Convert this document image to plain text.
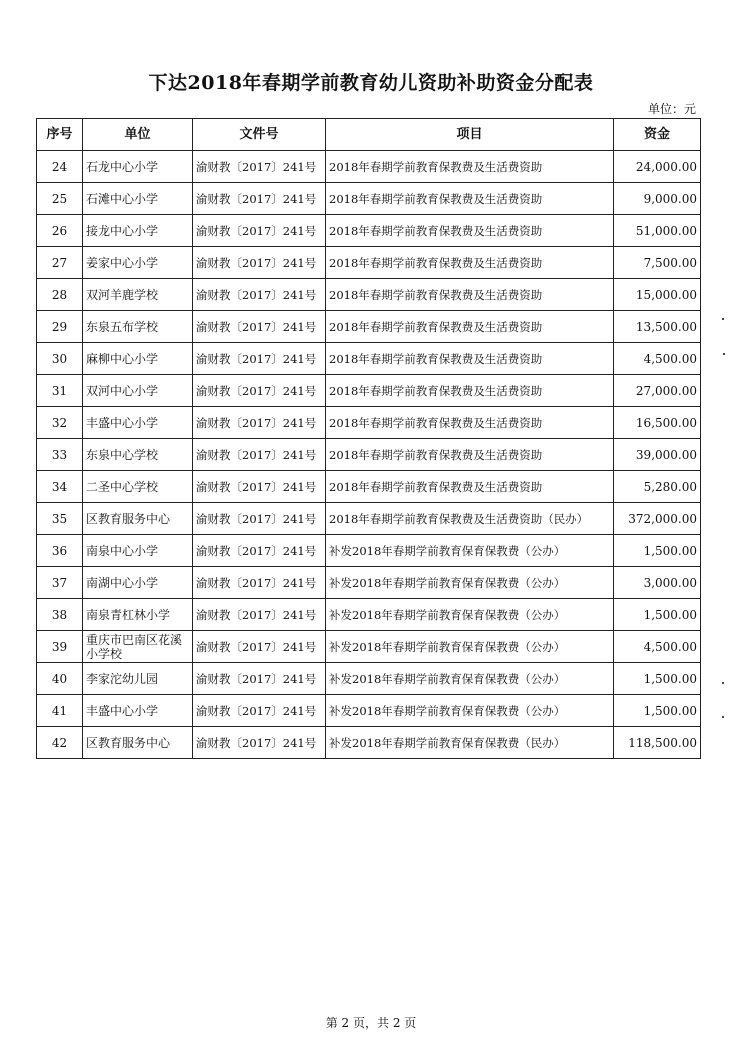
下达2018年春期学前教育幼儿资助补助资金分配表
单位：元
序号	单位	文件号	项目	资金
24	石龙中心小学	渝财教〔2017〕241号	2018年春期学前教育保教费及生活费资助	24,000.00
25	石滩中心小学	渝财教〔2017〕241号	2018年春期学前教育保教费及生活费资助	9,000.00
26	接龙中心小学	渝财教〔2017〕241号	2018年春期学前教育保教费及生活费资助	51,000.00
27	姜家中心小学	渝财教〔2017〕241号	2018年春期学前教育保教费及生活费资助	7,500.00
28	双河羊鹿学校	渝财教〔2017〕241号	2018年春期学前教育保教费及生活费资助	15,000.00
29	东泉五布学校	渝财教〔2017〕241号	2018年春期学前教育保教费及生活费资助	13,500.00
30	麻柳中心小学	渝财教〔2017〕241号	2018年春期学前教育保教费及生活费资助	4,500.00
31	双河中心小学	渝财教〔2017〕241号	2018年春期学前教育保教费及生活费资助	27,000.00
32	丰盛中心小学	渝财教〔2017〕241号	2018年春期学前教育保教费及生活费资助	16,500.00
33	东泉中心学校	渝财教〔2017〕241号	2018年春期学前教育保教费及生活费资助	39,000.00
34	二圣中心学校	渝财教〔2017〕241号	2018年春期学前教育保教费及生活费资助	5,280.00
35	区教育服务中心	渝财教〔2017〕241号	2018年春期学前教育保教费及生活费资助（民办）	372,000.00
36	南泉中心小学	渝财教〔2017〕241号	补发2018年春期学前教育保育保教费（公办）	1,500.00
37	南湖中心小学	渝财教〔2017〕241号	补发2018年春期学前教育保育保教费（公办）	3,000.00
38	南泉青杠林小学	渝财教〔2017〕241号	补发2018年春期学前教育保育保教费（公办）	1,500.00
39	重庆市巴南区花溪小学校	渝财教〔2017〕241号	补发2018年春期学前教育保育保教费（公办）	4,500.00
40	李家沱幼儿园	渝财教〔2017〕241号	补发2018年春期学前教育保育保教费（公办）	1,500.00
41	丰盛中心小学	渝财教〔2017〕241号	补发2018年春期学前教育保育保教费（公办）	1,500.00
42	区教育服务中心	渝财教〔2017〕241号	补发2018年春期学前教育保育保教费（民办）	118,500.00
第 2 页，共 2 页
